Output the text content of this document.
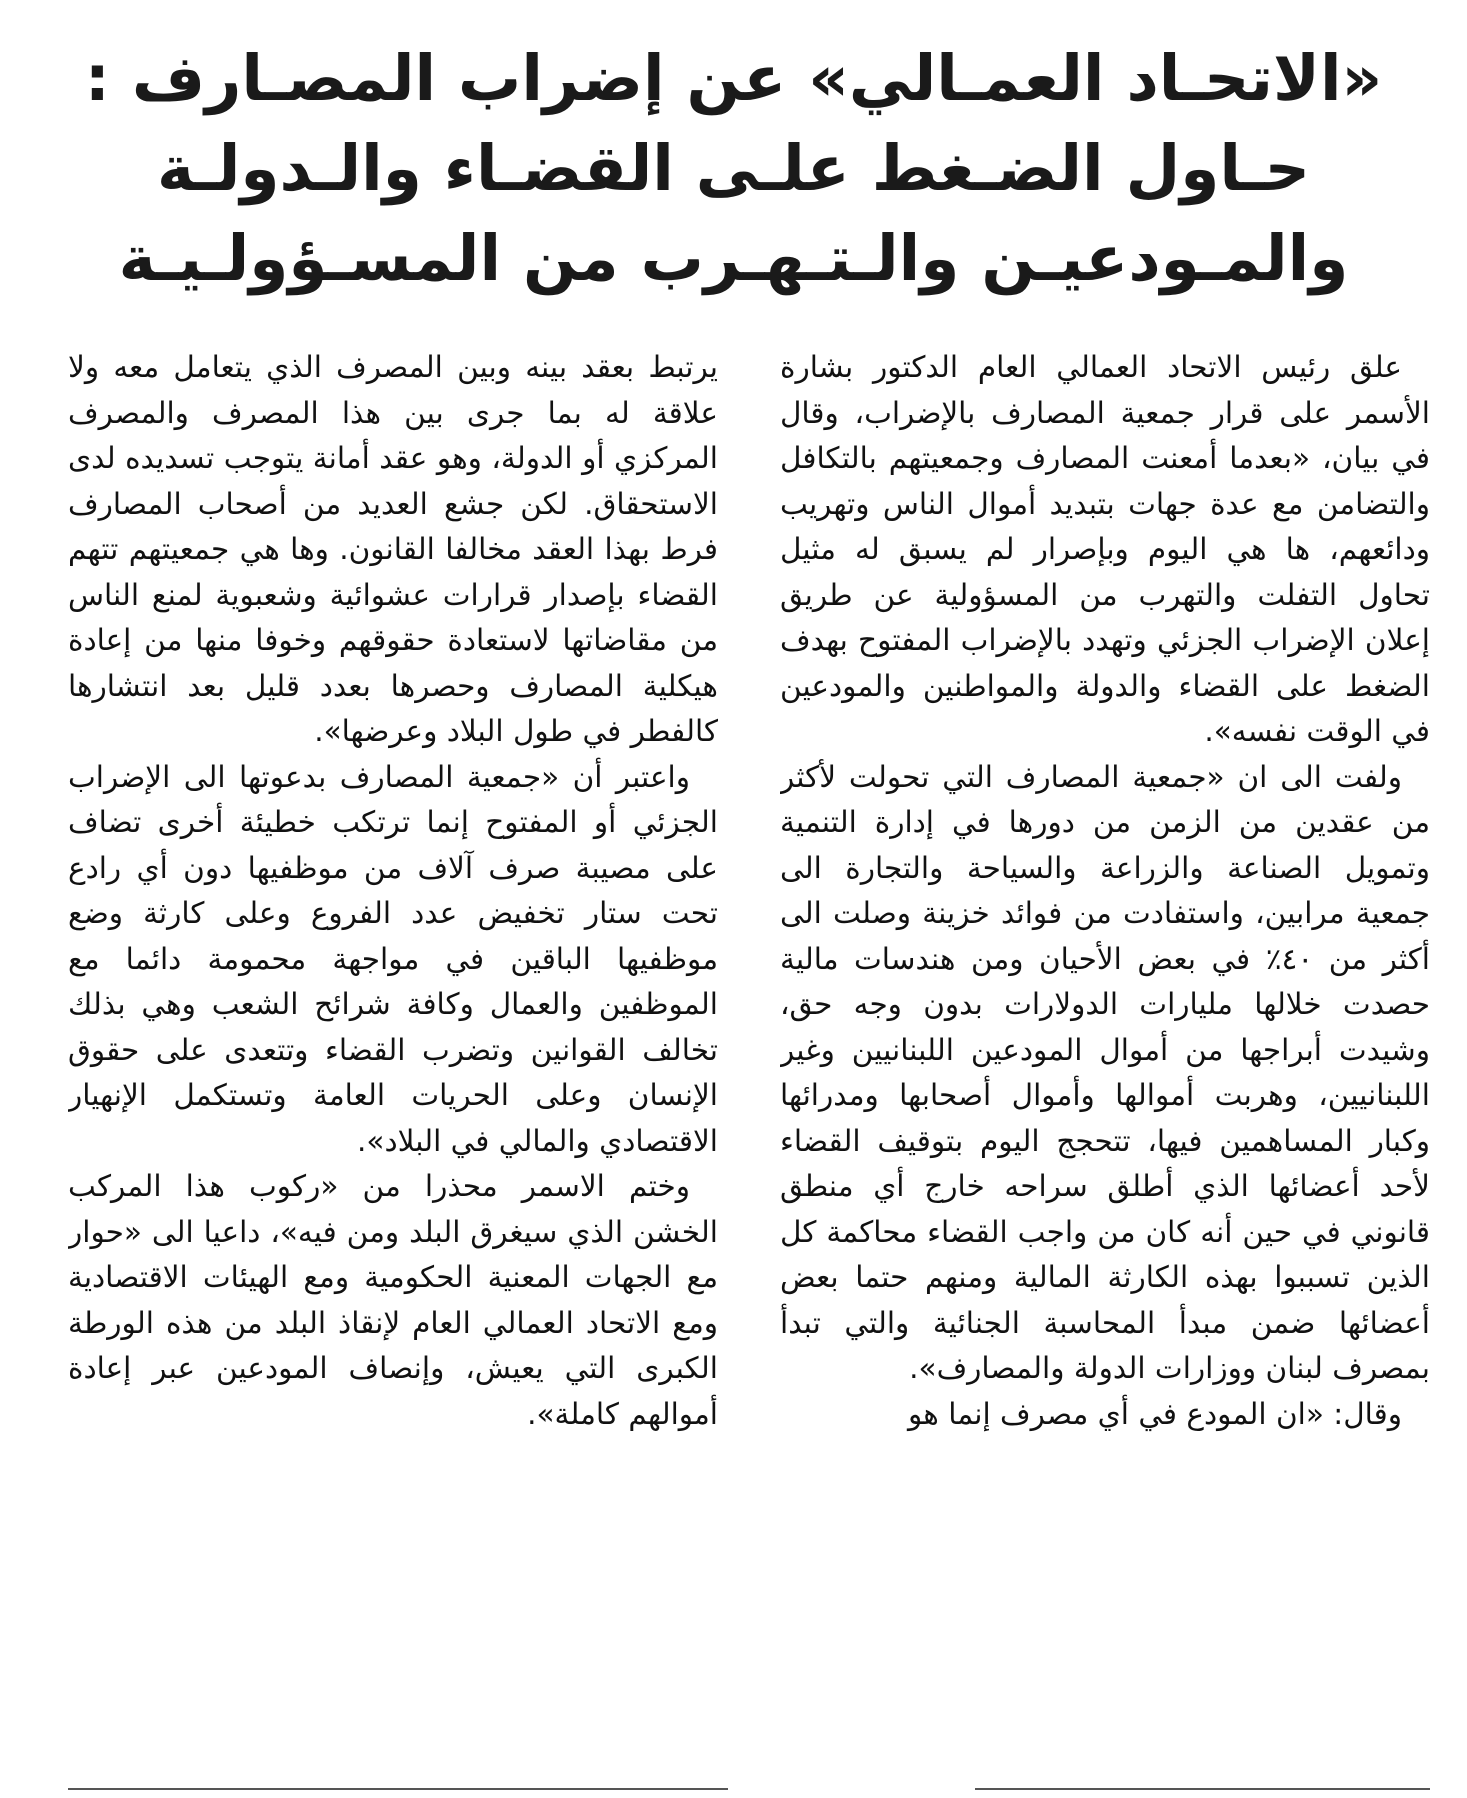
«الاتحـاد العمـالي» عن إضراب المصـارف :
حـاول الضـغط علـى القضـاء والـدولـة
والمـودعيـن والـتـهـرب من المسـؤولـيـة

علق رئيس الاتحاد العمالي العام الدكتور بشارة الأسمر على قرار جمعية المصارف بالإضراب، وقال في بيان، «بعدما أمعنت المصارف وجمعيتهم بالتكافل والتضامن مع عدة جهات بتبديد أموال الناس وتهريب ودائعهم، ها هي اليوم وبإصرار لم يسبق له مثيل تحاول التفلت والتهرب من المسؤولية عن طريق إعلان الإضراب الجزئي وتهدد بالإضراب المفتوح بهدف الضغط على القضاء والدولة والمواطنين والمودعين في الوقت نفسه».

ولفت الى ان «جمعية المصارف التي تحولت لأكثر من عقدين من الزمن من دورها في إدارة التنمية وتمويل الصناعة والزراعة والسياحة والتجارة الى جمعية مرابين، واستفادت من فوائد خزينة وصلت الى أكثر من ٤٠٪ في بعض الأحيان ومن هندسات مالية حصدت خلالها مليارات الدولارات بدون وجه حق، وشيدت أبراجها من أموال المودعين اللبنانيين وغير اللبنانيين، وهربت أموالها وأموال أصحابها ومدرائها وكبار المساهمين فيها، تتحجج اليوم بتوقيف القضاء لأحد أعضائها الذي أطلق سراحه خارج أي منطق قانوني في حين أنه كان من واجب القضاء محاكمة كل الذين تسببوا بهذه الكارثة المالية ومنهم حتما بعض أعضائها ضمن مبدأ المحاسبة الجنائية والتي تبدأ بمصرف لبنان ووزارات الدولة والمصارف».

وقال: «ان المودع في أي مصرف إنما هو

يرتبط بعقد بينه وبين المصرف الذي يتعامل معه ولا علاقة له بما جرى بين هذا المصرف والمصرف المركزي أو الدولة، وهو عقد أمانة يتوجب تسديده لدى الاستحقاق. لكن جشع العديد من أصحاب المصارف فرط بهذا العقد مخالفا القانون. وها هي جمعيتهم تتهم القضاء بإصدار قرارات عشوائية وشعبوية لمنع الناس من مقاضاتها لاستعادة حقوقهم وخوفا منها من إعادة هيكلية المصارف وحصرها بعدد قليل بعد انتشارها كالفطر في طول البلاد وعرضها».

واعتبر أن «جمعية المصارف بدعوتها الى الإضراب الجزئي أو المفتوح إنما ترتكب خطيئة أخرى تضاف على مصيبة صرف آلاف من موظفيها دون أي رادع تحت ستار تخفيض عدد الفروع وعلى كارثة وضع موظفيها الباقين في مواجهة محمومة دائما مع الموظفين والعمال وكافة شرائح الشعب وهي بذلك تخالف القوانين وتضرب القضاء وتتعدى على حقوق الإنسان وعلى الحريات العامة وتستكمل الإنهيار الاقتصادي والمالي في البلاد».

وختم الاسمر محذرا من «ركوب هذا المركب الخشن الذي سيغرق البلد ومن فيه»، داعيا الى «حوار مع الجهات المعنية الحكومية ومع الهيئات الاقتصادية ومع الاتحاد العمالي العام لإنقاذ البلد من هذه الورطة الكبرى التي يعيش، وإنصاف المودعين عبر إعادة أموالهم كاملة».
